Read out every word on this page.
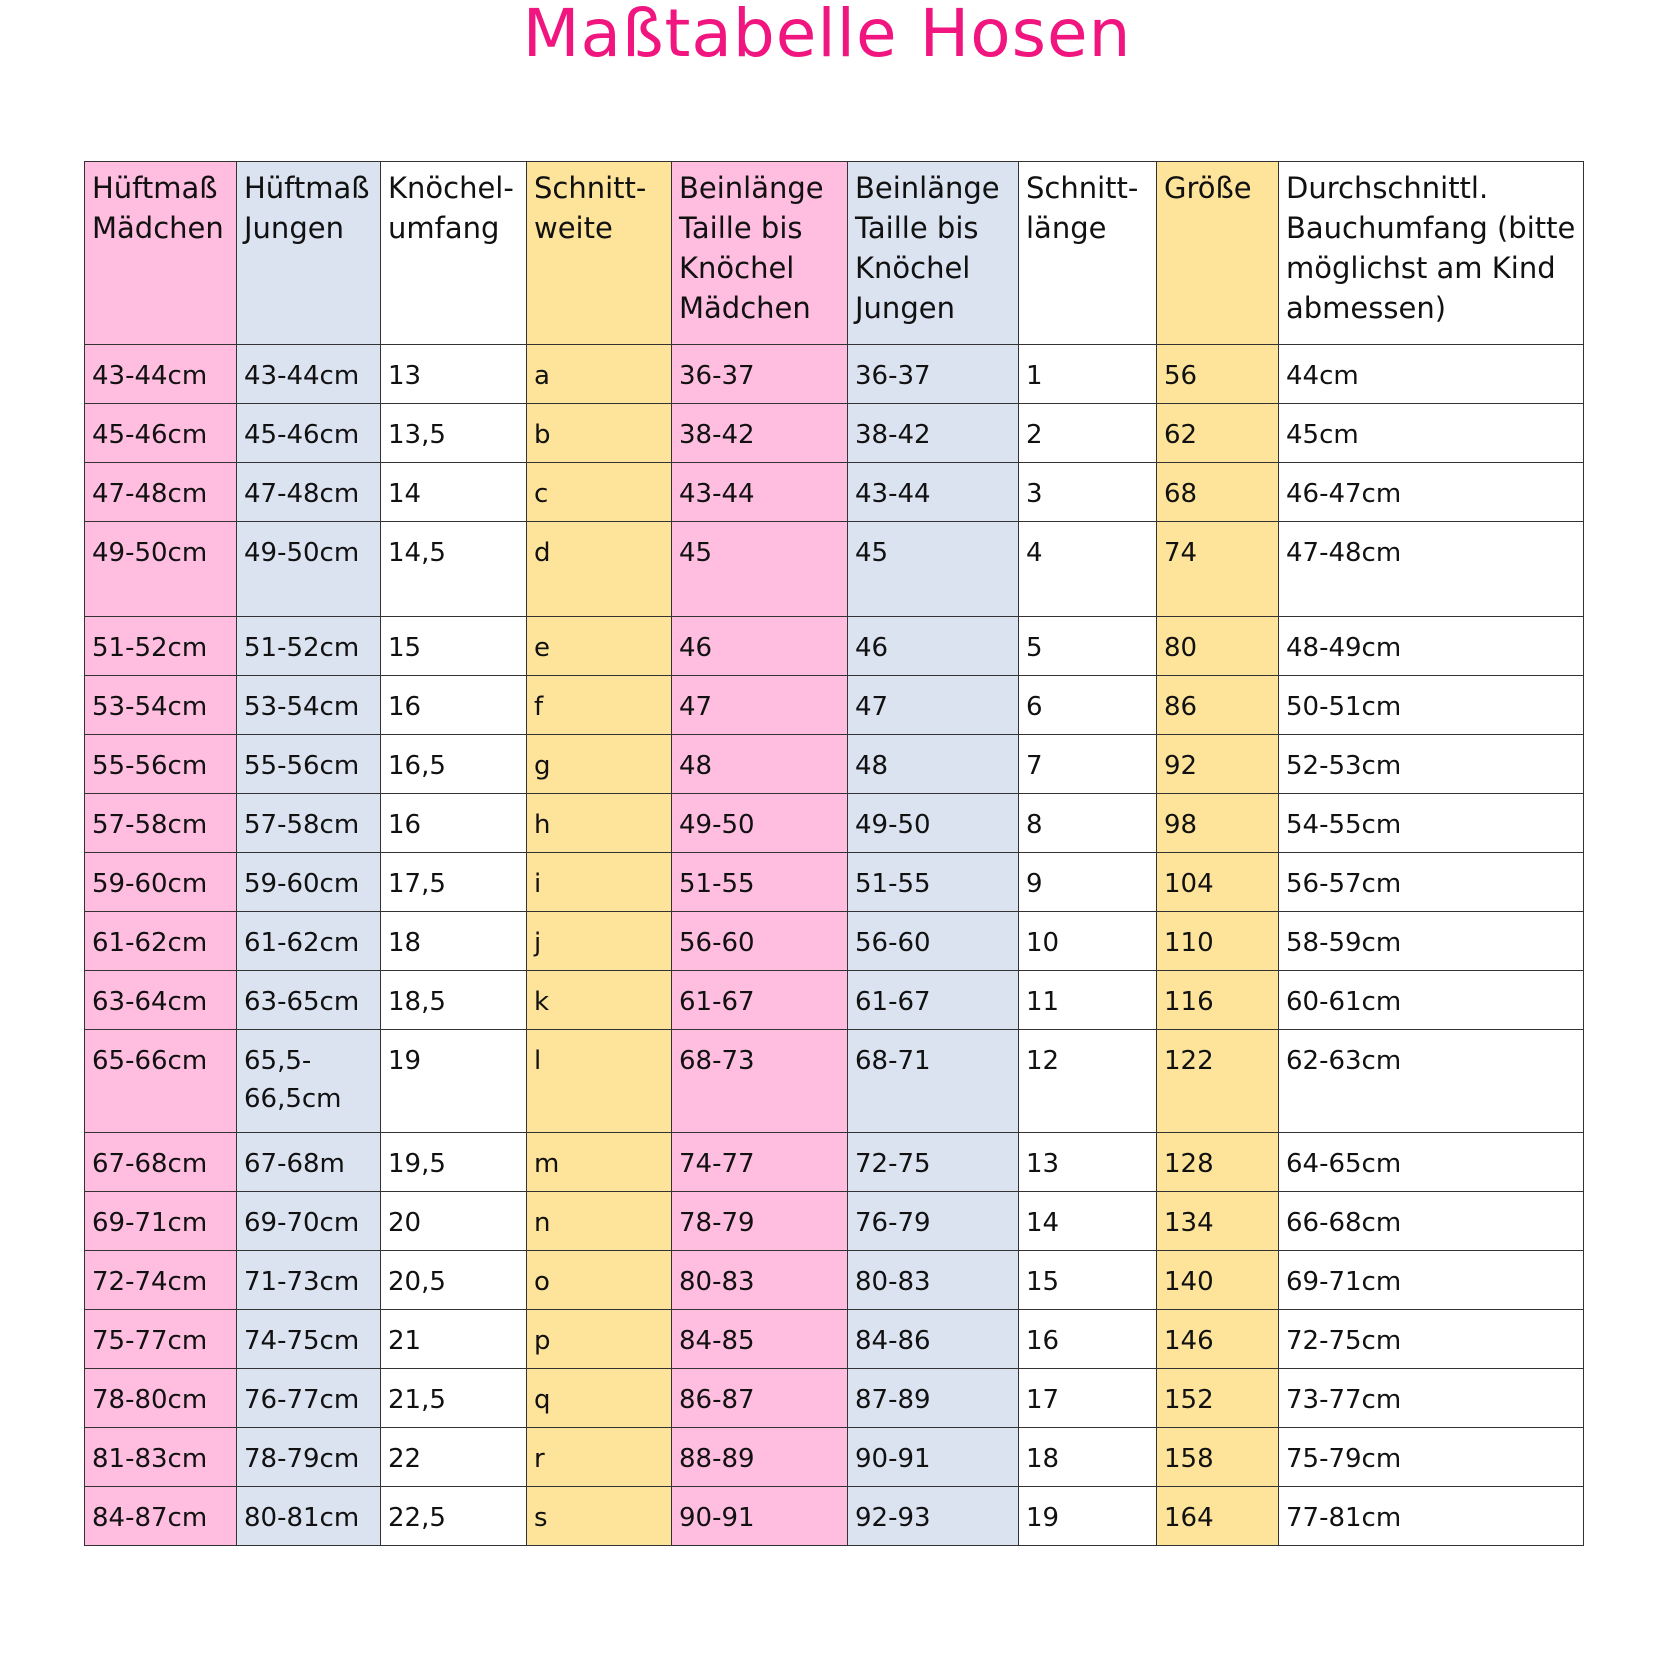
Maßtabelle Hosen
Hüftmaß Mädchen	Hüftmaß Jungen	Knöchel-umfang	Schnitt-weite	Beinlänge Taille bis Knöchel Mädchen	Beinlänge Taille bis Knöchel Jungen	Schnitt-länge	Größe	Durchschnittl. Bauchumfang (bitte möglichst am Kind abmessen)
43-44cm	43-44cm	13	a	36-37	36-37	1	56	44cm
45-46cm	45-46cm	13,5	b	38-42	38-42	2	62	45cm
47-48cm	47-48cm	14	c	43-44	43-44	3	68	46-47cm
49-50cm	49-50cm	14,5	d	45	45	4	74	47-48cm
51-52cm	51-52cm	15	e	46	46	5	80	48-49cm
53-54cm	53-54cm	16	f	47	47	6	86	50-51cm
55-56cm	55-56cm	16,5	g	48	48	7	92	52-53cm
57-58cm	57-58cm	16	h	49-50	49-50	8	98	54-55cm
59-60cm	59-60cm	17,5	i	51-55	51-55	9	104	56-57cm
61-62cm	61-62cm	18	j	56-60	56-60	10	110	58-59cm
63-64cm	63-65cm	18,5	k	61-67	61-67	11	116	60-61cm
65-66cm	65,5-66,5cm	19	l	68-73	68-71	12	122	62-63cm
67-68cm	67-68m	19,5	m	74-77	72-75	13	128	64-65cm
69-71cm	69-70cm	20	n	78-79	76-79	14	134	66-68cm
72-74cm	71-73cm	20,5	o	80-83	80-83	15	140	69-71cm
75-77cm	74-75cm	21	p	84-85	84-86	16	146	72-75cm
78-80cm	76-77cm	21,5	q	86-87	87-89	17	152	73-77cm
81-83cm	78-79cm	22	r	88-89	90-91	18	158	75-79cm
84-87cm	80-81cm	22,5	s	90-91	92-93	19	164	77-81cm
